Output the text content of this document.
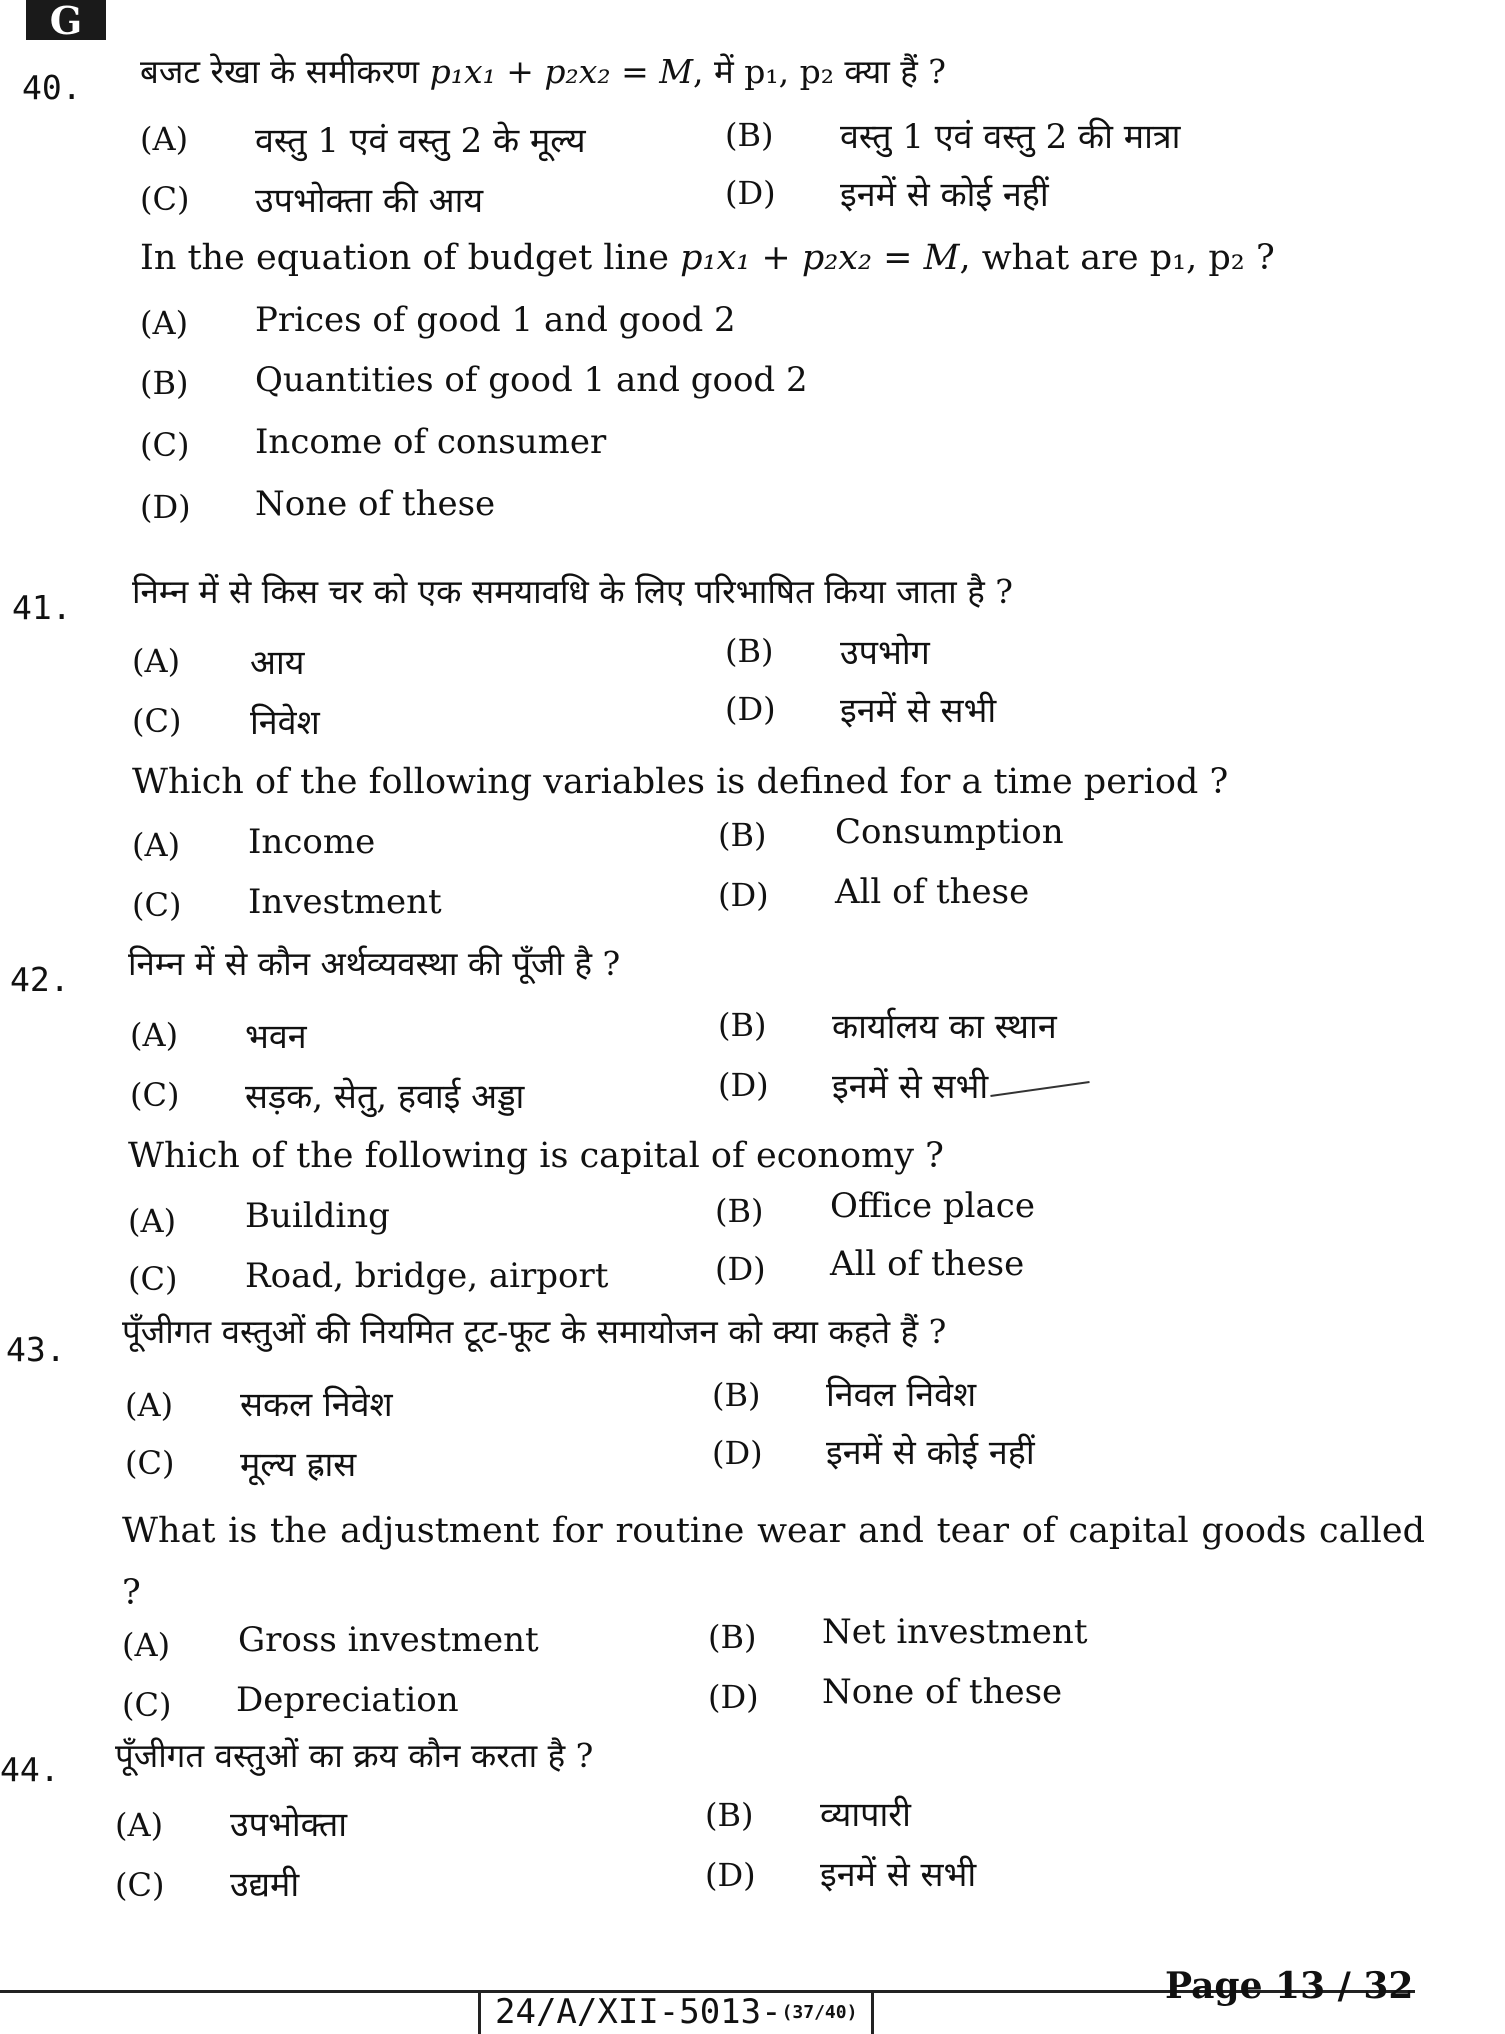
G
40. बजट रेखा के समीकरण p₁x₁ + p₂x₂ = M, में p₁, p₂ क्या हैं ?
(A) वस्तु 1 एवं वस्तु 2 के मूल्य	(B) वस्तु 1 एवं वस्तु 2 की मात्रा
(C) उपभोक्ता की आय	(D) इनमें से कोई नहीं
In the equation of budget line p₁x₁ + p₂x₂ = M, what are p₁, p₂ ?
(A) Prices of good 1 and good 2
(B) Quantities of good 1 and good 2
(C) Income of consumer
(D) None of these
41. निम्न में से किस चर को एक समयावधि के लिए परिभाषित किया जाता है ?
(A) आय	(B) उपभोग
(C) निवेश	(D) इनमें से सभी
Which of the following variables is defined for a time period ?
(A) Income	(B) Consumption
(C) Investment	(D) All of these
42. निम्न में से कौन अर्थव्यवस्था की पूँजी है ?
(A) भवन	(B) कार्यालय का स्थान
(C) सड़क, सेतु, हवाई अड्डा	(D) इनमें से सभी
Which of the following is capital of economy ?
(A) Building	(B) Office place
(C) Road, bridge, airport	(D) All of these
43. पूँजीगत वस्तुओं की नियमित टूट-फूट के समायोजन को क्या कहते हैं ?
(A) सकल निवेश	(B) निवल निवेश
(C) मूल्य ह्रास	(D) इनमें से कोई नहीं
What is the adjustment for routine wear and tear of capital goods called ?
(A) Gross investment	(B) Net investment
(C) Depreciation	(D) None of these
44. पूँजीगत वस्तुओं का क्रय कौन करता है ?
(A) उपभोक्ता	(B) व्यापारी
(C) उद्यमी	(D) इनमें से सभी
24/A/XII-5013- (37/40)
Page 13 / 32
